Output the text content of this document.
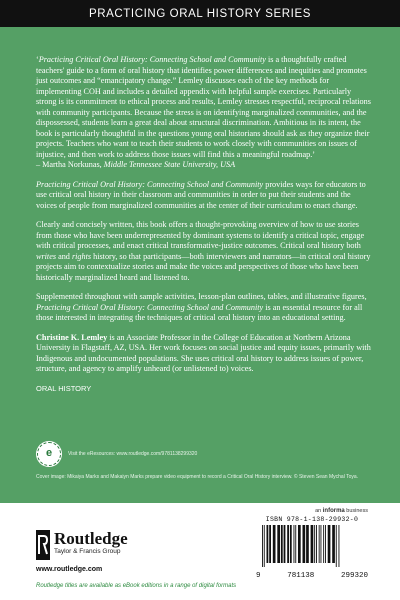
PRACTICING ORAL HISTORY SERIES

‘Practicing Critical Oral History: Connecting School and Community is a thoughtfully crafted teachers' guide to a form of oral history that identifies power differences and inequities and promotes just outcomes and “emancipatory change.” Lemley discusses each of the key methods for implementing COH and includes a detailed appendix with helpful sample exercises. Particularly strong is its commitment to ethical process and results, Lemley stresses respectful, reciprocal relations with community participants. Because the stress is on identifying marginalized communities, and the dispossessed, students learn a great deal about structural discrimination. Ambitious in its intent, the book is particularly thoughtful in the questions young oral historians should ask as they organize their projects. Teachers who want to teach their students to work closely with communities on issues of injustice, and then work to address those issues will find this a meaningful roadmap.’

– Martha Norkunas, Middle Tennessee State University, USA

Practicing Critical Oral History: Connecting School and Community provides ways for educators to use critical oral history in their classroom and communities in order to put their students and the voices of people from marginalized communities at the center of their curriculum to enact change.

Clearly and concisely written, this book offers a thought-provoking overview of how to use stories from those who have been underrepresented by dominant systems to identify a critical topic, engage with critical processes, and enact critical transformative-justice outcomes. Critical oral history both writes and rights history, so that participants—both interviewers and narrators—in critical oral history projects aim to contextualize stories and make the voices and perspectives of those who have been historically marginalized heard and listened to.

Supplemented throughout with sample activities, lesson-plan outlines, tables, and illustrative figures, Practicing Critical Oral History: Connecting School and Community is an essential resource for all those interested in integrating the techniques of critical oral history into an educational setting.

Christine K. Lemley is an Associate Professor in the College of Education at Northern Arizona University in Flagstaff, AZ, USA. Her work focuses on social justice and equity issues, primarily with Indigenous and undocumented populations. She uses critical oral history to address issues of power, structure, and agency to amplify unheard (or unlistened to) voices.

ORAL HISTORY

e	Visit the eResources: www.routledge.com/9781138299320
Cover image: Mikaiya Marks and Makaiyn Marks prepare video equipment to record a Critical Oral History interview. © Steven Sean Mychal Toya.
an informa business
Routledge
Taylor & Francis Group
www.routledge.com
Routledge titles are available as eBook editions in a range of digital formats
ISBN 978-1-138-29932-0
9	781138	299320
